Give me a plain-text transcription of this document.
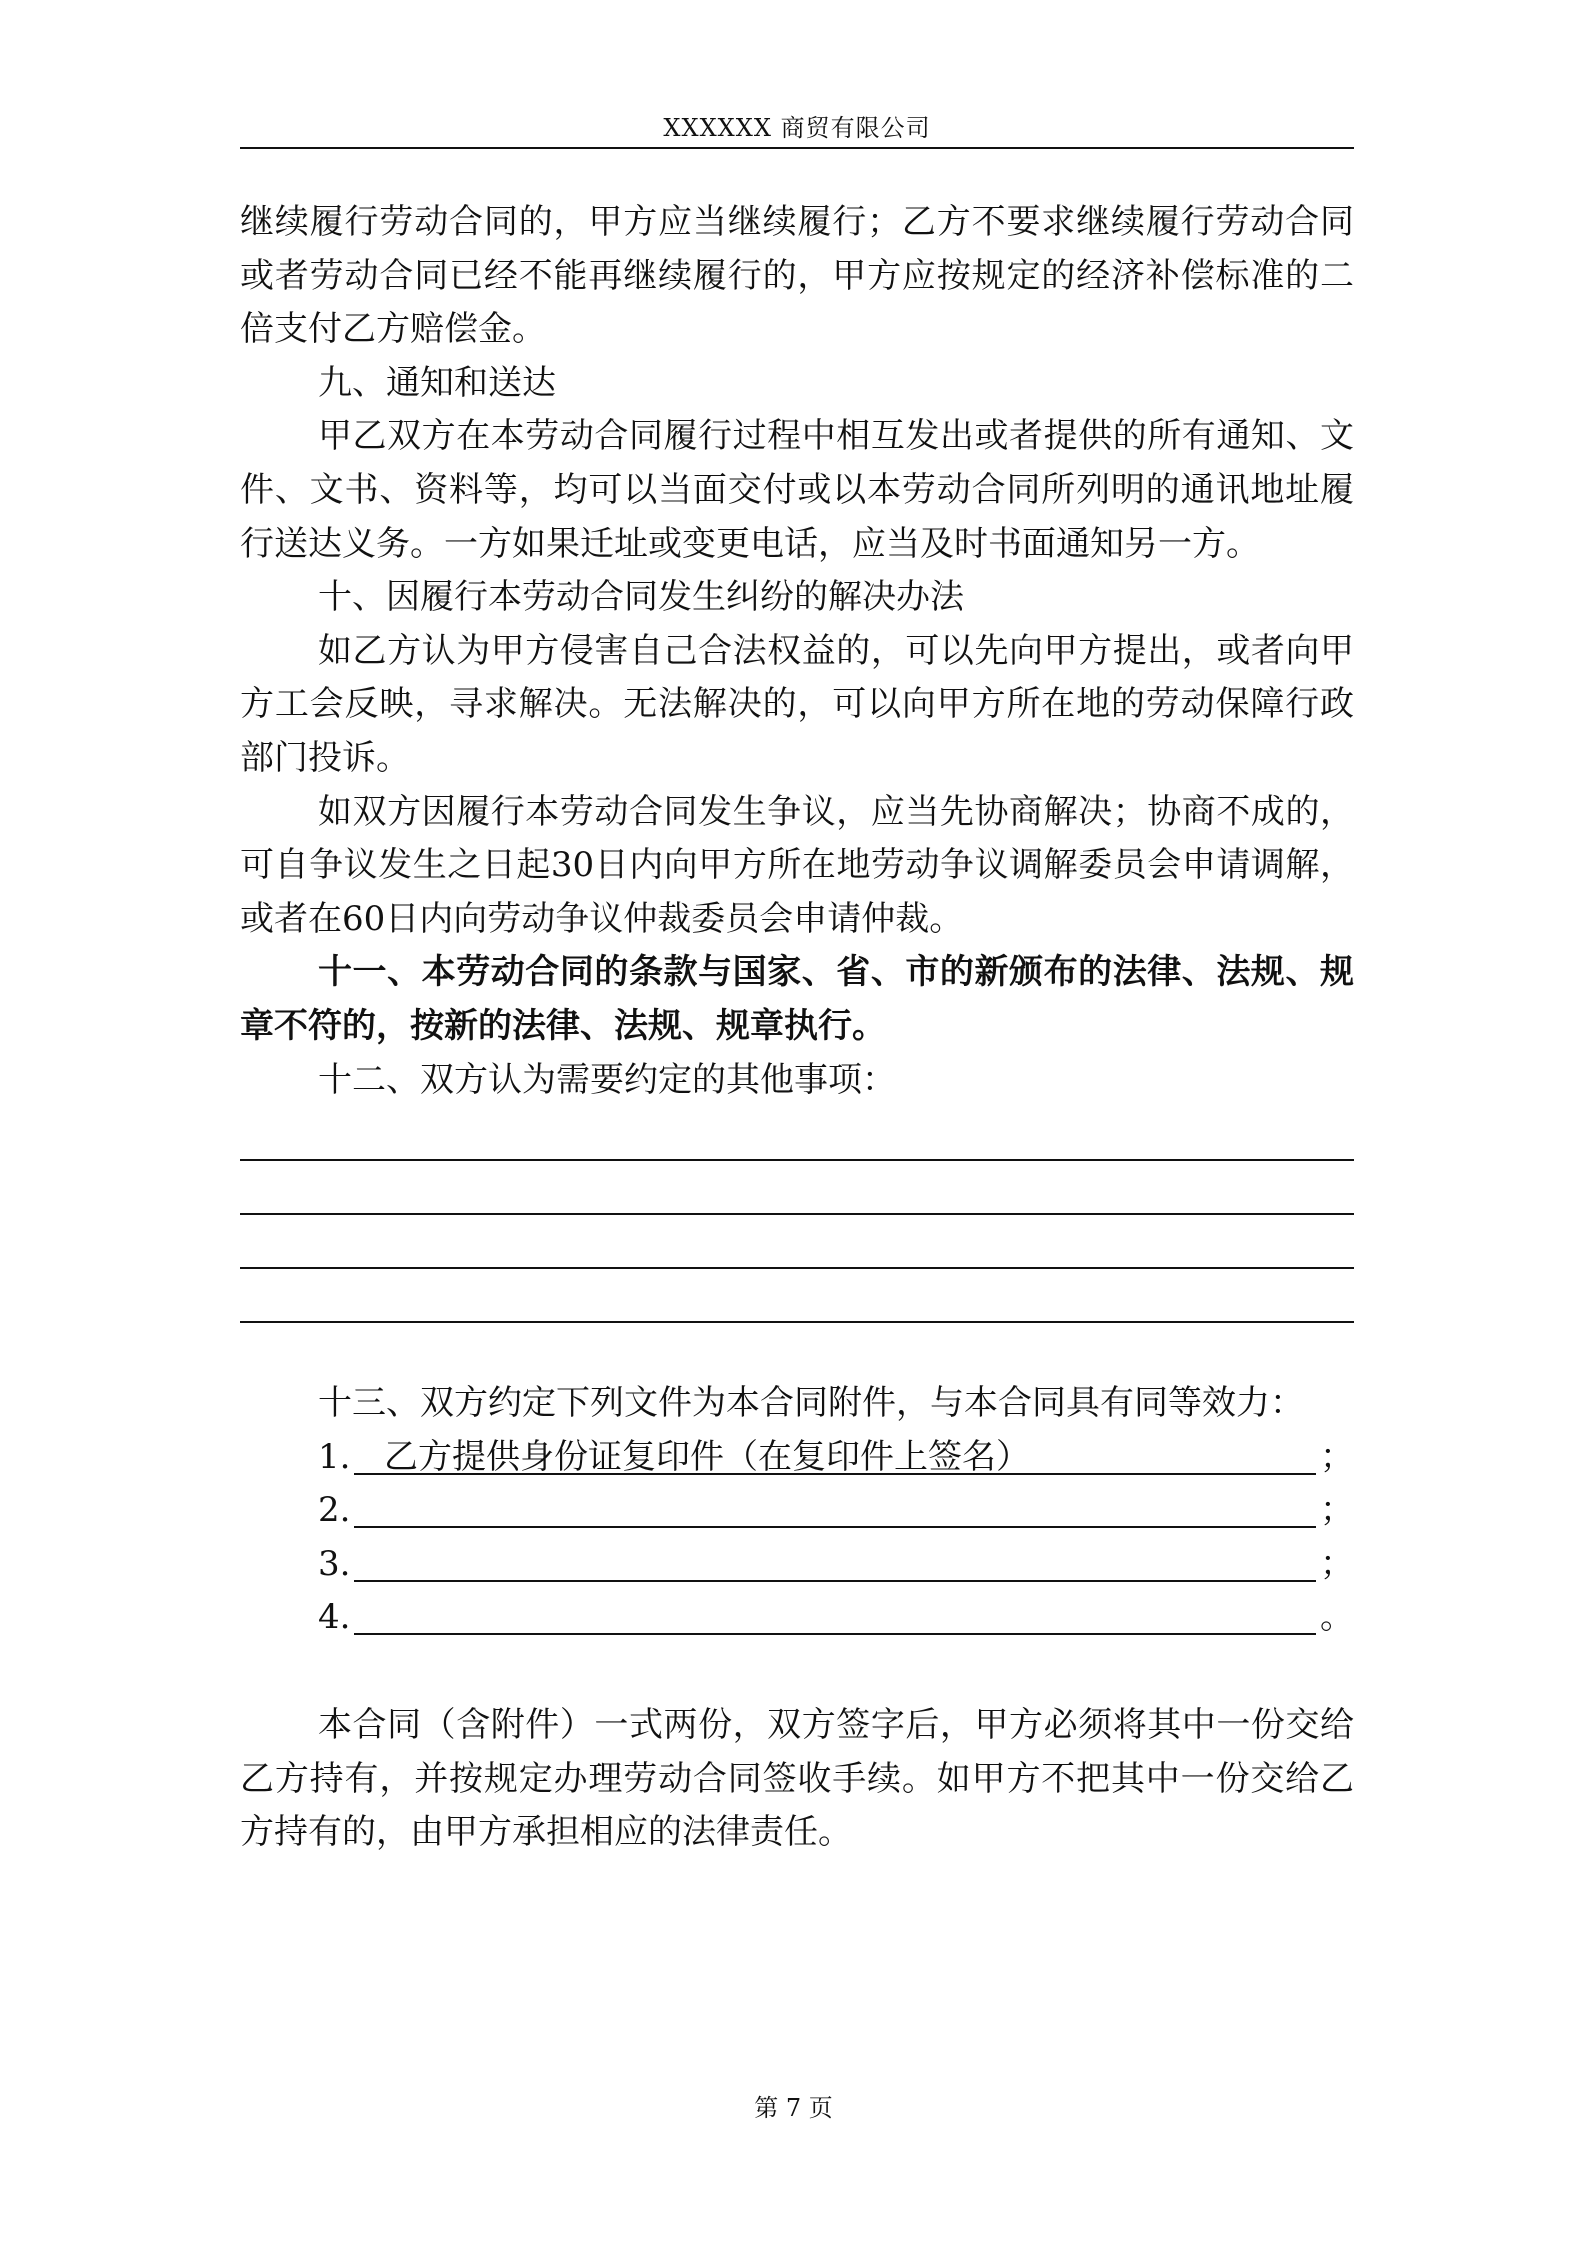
XXXXXX 商贸有限公司

继续履行劳动合同的，甲方应当继续履行；乙方不要求继续履行劳动合同或者劳动合同已经不能再继续履行的，甲方应按规定的经济补偿标准的二倍支付乙方赔偿金。

九、通知和送达

甲乙双方在本劳动合同履行过程中相互发出或者提供的所有通知、文件、文书、资料等，均可以当面交付或以本劳动合同所列明的通讯地址履行送达义务。一方如果迁址或变更电话，应当及时书面通知另一方。

十、因履行本劳动合同发生纠纷的解决办法

如乙方认为甲方侵害自己合法权益的，可以先向甲方提出，或者向甲方工会反映，寻求解决。无法解决的，可以向甲方所在地的劳动保障行政部门投诉。

如双方因履行本劳动合同发生争议，应当先协商解决；协商不成的，可自争议发生之日起30日内向甲方所在地劳动争议调解委员会申请调解，或者在60日内向劳动争议仲裁委员会申请仲裁。

十一、本劳动合同的条款与国家、省、市的新颁布的法律、法规、规章不符的，按新的法律、法规、规章执行。

十二、双方认为需要约定的其他事项：

十三、双方约定下列文件为本合同附件，与本合同具有同等效力：

1. 乙方提供身份证复印件（在复印件上签名）	；
2.	；
3.	；
4.	。

本合同（含附件）一式两份，双方签字后，甲方必须将其中一份交给乙方持有，并按规定办理劳动合同签收手续。如甲方不把其中一份交给乙方持有的，由甲方承担相应的法律责任。

第 7 页
